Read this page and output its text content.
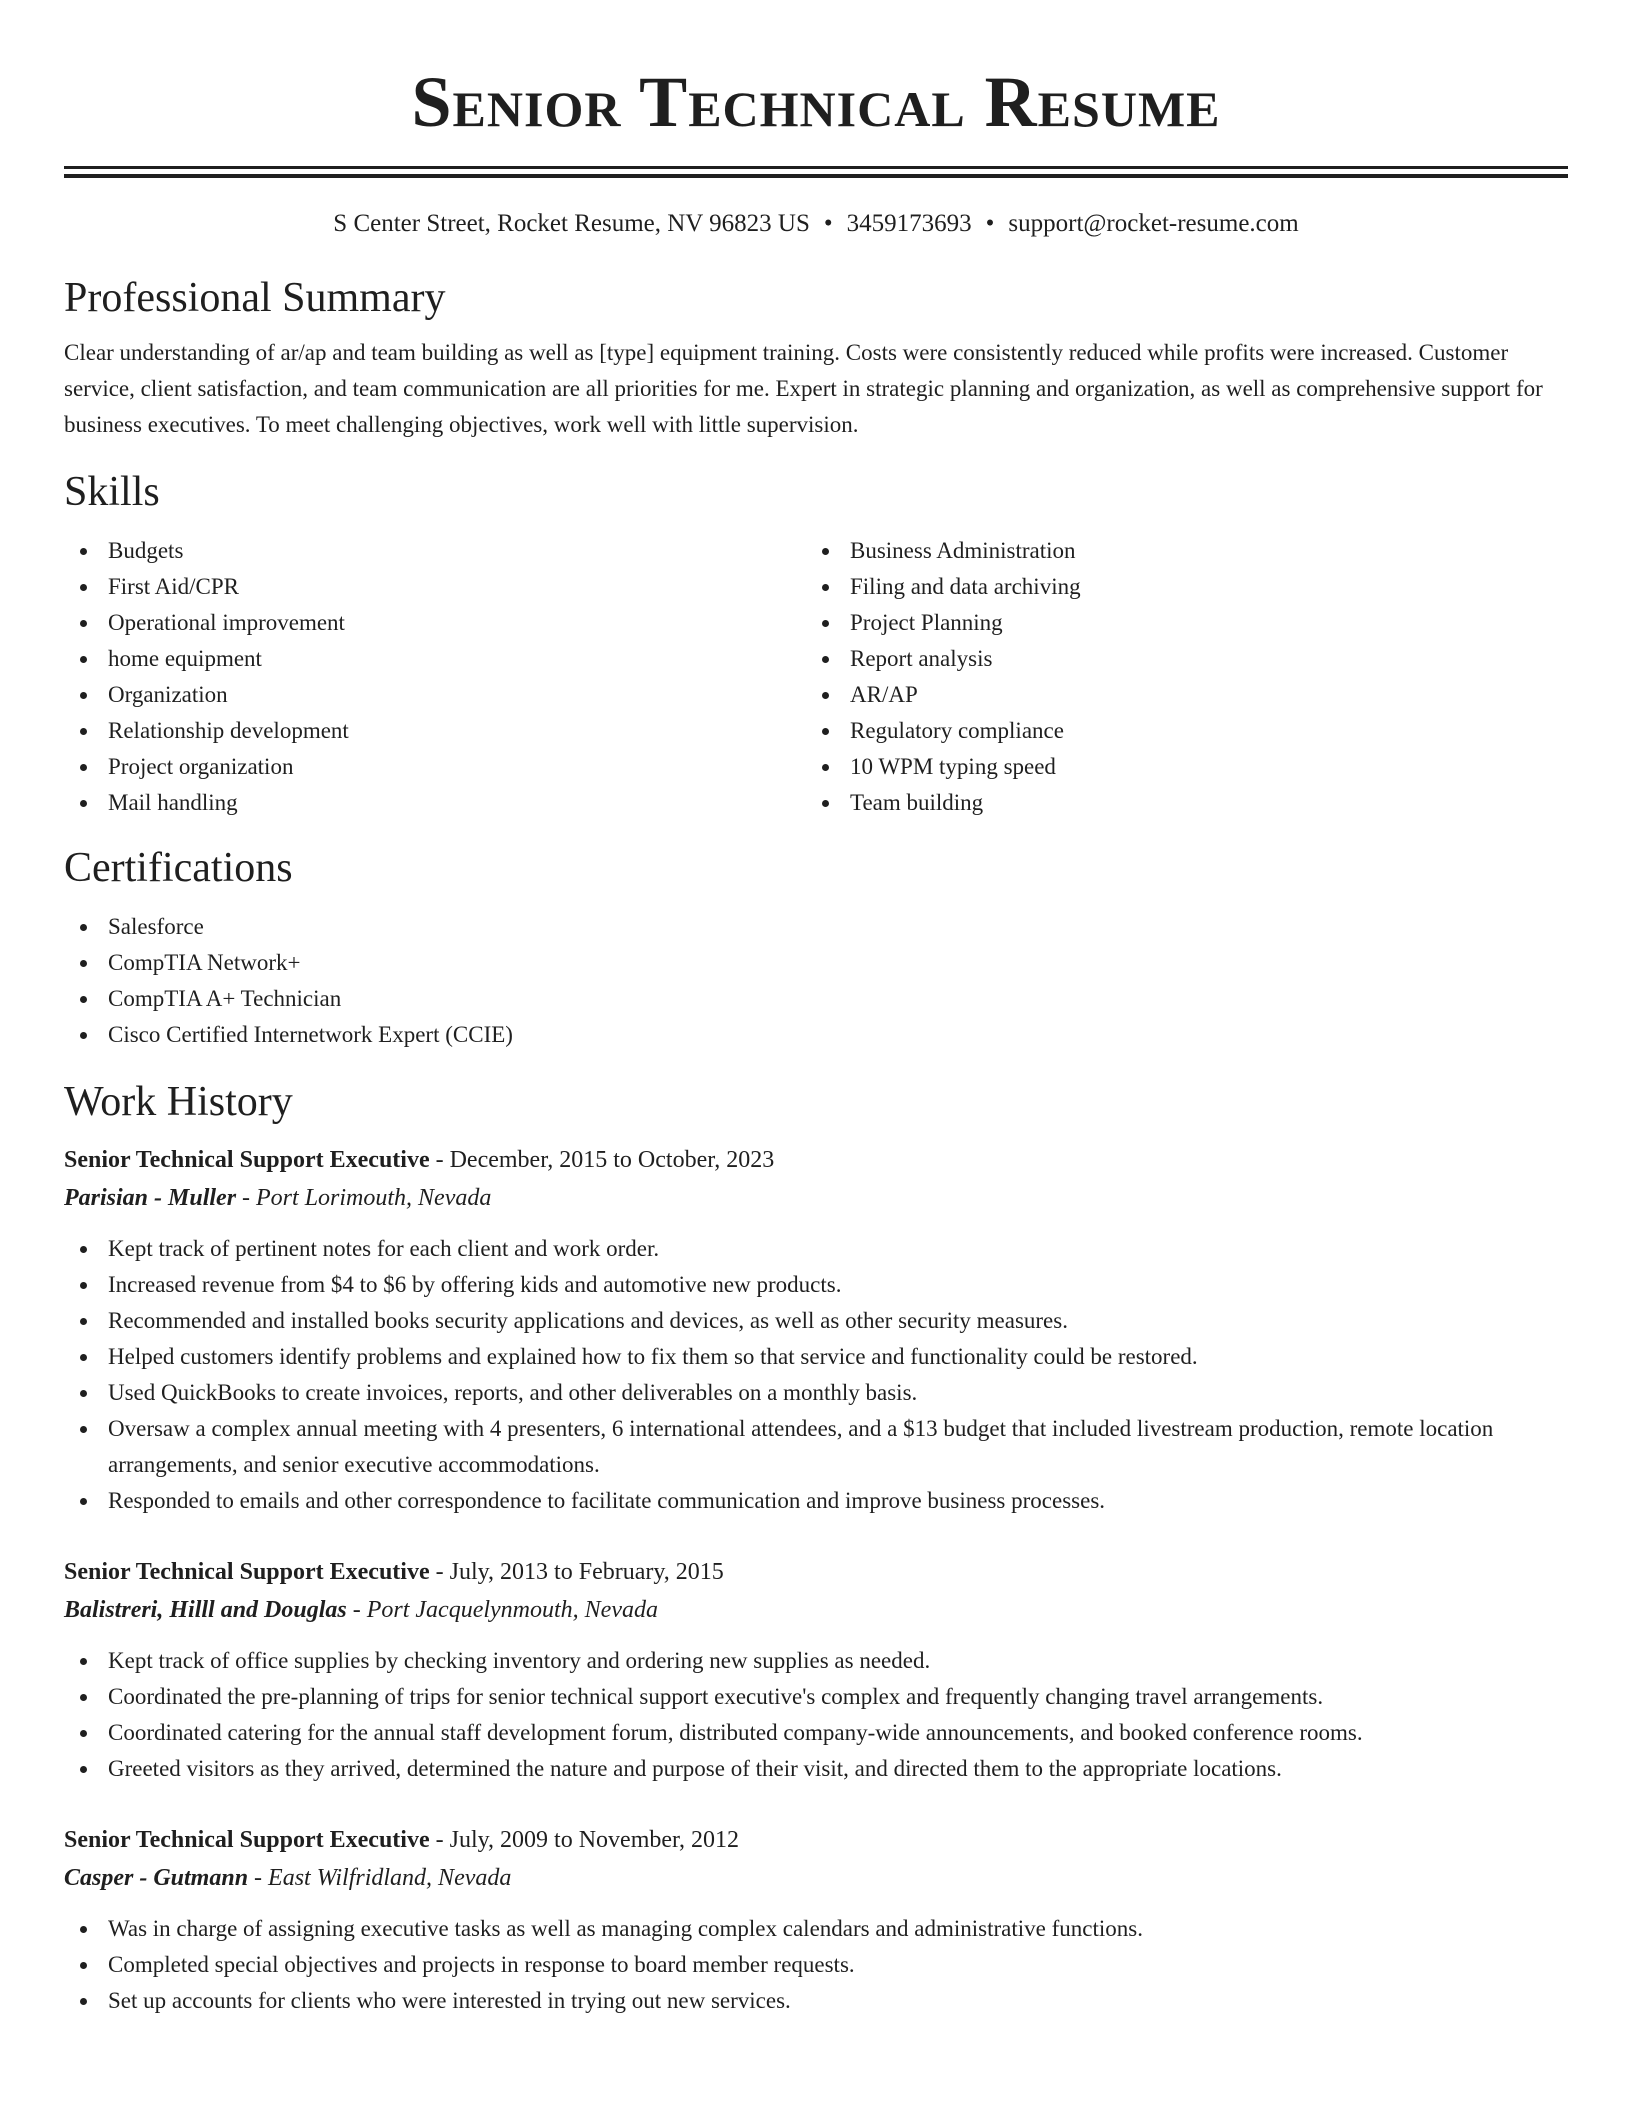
Senior Technical Resume
S Center Street, Rocket Resume, NV 96823 US • 3459173693 • support@rocket-resume.com
Professional Summary

Clear understanding of ar/ap and team building as well as [type] equipment training. Costs were consistently reduced while profits were increased. Customer service, client satisfaction, and team communication are all priorities for me. Expert in strategic planning and organization, as well as comprehensive support for business executives. To meet challenging objectives, work well with little supervision.

Skills
Budgets
First Aid/CPR
Operational improvement
home equipment
Organization
Relationship development
Project organization
Mail handling
Business Administration
Filing and data archiving
Project Planning
Report analysis
AR/AP
Regulatory compliance
10 WPM typing speed
Team building
Certifications
Salesforce
CompTIA Network+
CompTIA A+ Technician
Cisco Certified Internetwork Expert (CCIE)
Work History
Senior Technical Support Executive - December, 2015 to October, 2023
Parisian - Muller - Port Lorimouth, Nevada
Kept track of pertinent notes for each client and work order.
Increased revenue from $4 to $6 by offering kids and automotive new products.
Recommended and installed books security applications and devices, as well as other security measures.
Helped customers identify problems and explained how to fix them so that service and functionality could be restored.
Used QuickBooks to create invoices, reports, and other deliverables on a monthly basis.
Oversaw a complex annual meeting with 4 presenters, 6 international attendees, and a $13 budget that included livestream production, remote location arrangements, and senior executive accommodations.
Responded to emails and other correspondence to facilitate communication and improve business processes.
Senior Technical Support Executive - July, 2013 to February, 2015
Balistreri, Hilll and Douglas - Port Jacquelynmouth, Nevada
Kept track of office supplies by checking inventory and ordering new supplies as needed.
Coordinated the pre-planning of trips for senior technical support executive's complex and frequently changing travel arrangements.
Coordinated catering for the annual staff development forum, distributed company-wide announcements, and booked conference rooms.
Greeted visitors as they arrived, determined the nature and purpose of their visit, and directed them to the appropriate locations.
Senior Technical Support Executive - July, 2009 to November, 2012
Casper - Gutmann - East Wilfridland, Nevada
Was in charge of assigning executive tasks as well as managing complex calendars and administrative functions.
Completed special objectives and projects in response to board member requests.
Set up accounts for clients who were interested in trying out new services.
